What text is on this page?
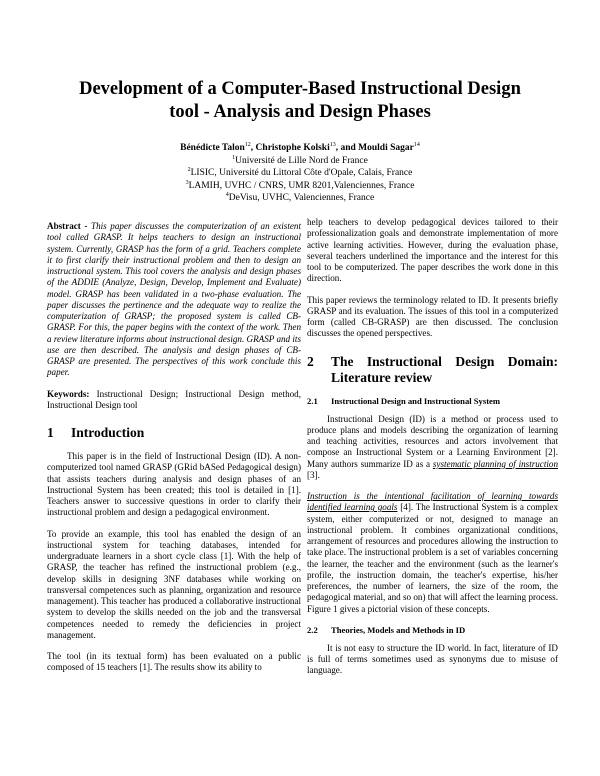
Development of a Computer-Based Instructional Design
tool - Analysis and Design Phases
Bénédicte Talon$^{12}$, Christophe Kolski$^{13}$, and Mouldi Sagar$^{14}$
$^1$Université de Lille Nord de France
$^2$LISIC, Université du Littoral Côte d'Opale, Calais, France
$^3$LAMIH, UVHC / CNRS, UMR 8201,Valenciennes, France
$^4$DeVisu, UVHC, Valenciennes, France

Abstract - This paper discusses the computerization of an existent tool called GRASP. It helps teachers to design an instructional system. Currently, GRASP has the form of a grid. Teachers complete it to first clarify their instructional problem and then to design an instructional system. This tool covers the analysis and design phases of the ADDIE (Analyze, Design, Develop, Implement and Evaluate) model. GRASP has been validated in a two-phase evaluation. The paper discusses the pertinence and the adequate way to realize the computerization of GRASP; the proposed system is called CB-GRASP. For this, the paper begins with the context of the work. Then a review literature informs about instructional design. GRASP and its use are then described. The analysis and design phases of CB-GRASP are presented. The perspectives of this work conclude this paper.

Keywords: Instructional Design; Instructional Design method, Instructional Design tool

1	Introduction

This paper is in the field of Instructional Design (ID). A non-computerized tool named GRASP (GRid bASed Pedagogical design) that assists teachers during analysis and design phases of an Instructional System has been created; this tool is detailed in [1]. Teachers answer to successive questions in order to clarify their instructional problem and design a pedagogical environment.

To provide an example, this tool has enabled the design of an instructional system for teaching databases, intended for undergraduate learners in a short cycle class [1]. With the help of GRASP, the teacher has refined the instructional problem (e.g., develop skills in designing 3NF databases while working on transversal competences such as planning, organization and resource management). This teacher has produced a collaborative instructional system to develop the skills needed on the job and the transversal competences needed to remedy the deficiencies in project management.

The tool (in its textual form) has been evaluated on a public composed of 15 teachers [1]. The results show its ability to

help teachers to develop pedagogical devices tailored to their professionalization goals and demonstrate implementation of more active learning activities. However, during the evaluation phase, several teachers underlined the importance and the interest for this tool to be computerized. The paper describes the work done in this direction.

This paper reviews the terminology related to ID. It presents briefly GRASP and its evaluation. The issues of this tool in a computerized form (called CB-GRASP) are then discussed. The conclusion discusses the opened perspectives.

2	The Instructional Design Domain: Literature review
2.1	Instructional Design and Instructional System

Instructional Design (ID) is a method or process used to produce plans and models describing the organization of learning and teaching activities, resources and actors involvement that compose an Instructional System or a Learning Environment [2]. Many authors summarize ID as a systematic planning of instruction [3].

Instruction is the intentional facilitation of learning towards identified learning goals [4]. The Instructional System is a complex system, either computerized or not, designed to manage an instructional problem. It combines organizational conditions, arrangement of resources and procedures allowing the instruction to take place. The instructional problem is a set of variables concerning the learner, the teacher and the environment (such as the learner's profile, the instruction domain, the teacher's expertise, his/her preferences, the number of learners, the size of the room, the pedagogical material, and so on) that will affect the learning process. Figure 1 gives a pictorial vision of these concepts.

2.2	Theories, Models and Methods in ID

It is not easy to structure the ID world. In fact, literature of ID is full of terms sometimes used as synonyms due to misuse of language.
